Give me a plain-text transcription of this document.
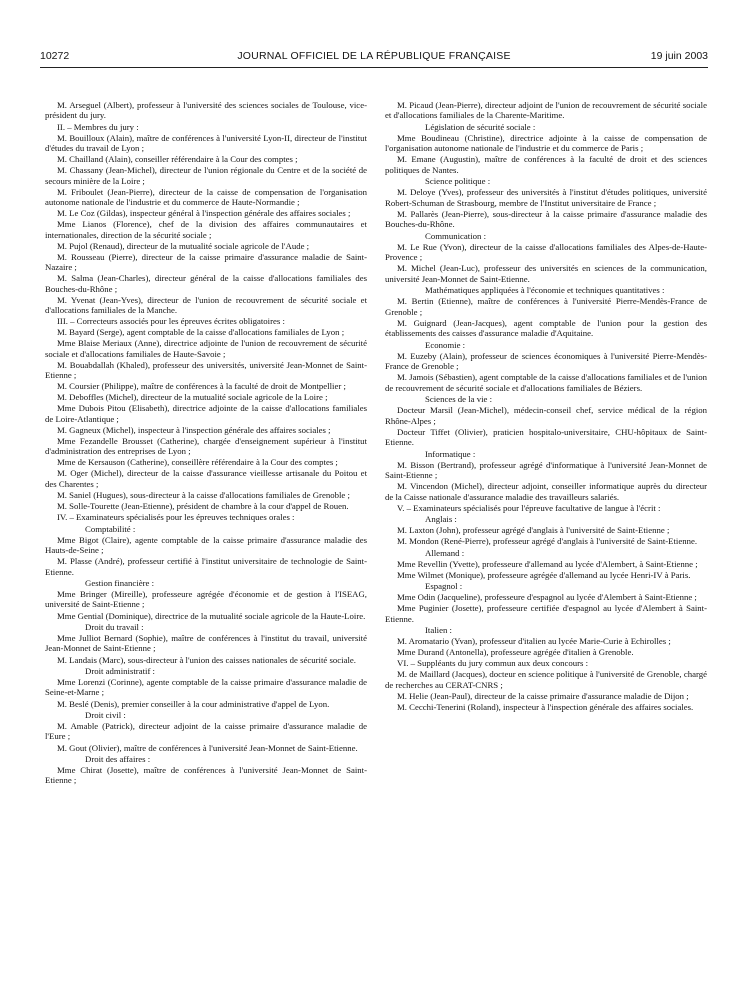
10272	JOURNAL OFFICIEL DE LA RÉPUBLIQUE FRANÇAISE	19 juin 2003

M. Arseguel (Albert), professeur à l'université des sciences sociales de Toulouse, vice-président du jury.

II. – Membres du jury :

M. Bouilloux (Alain), maître de conférences à l'université Lyon-II, directeur de l'institut d'études du travail de Lyon ;

M. Chailland (Alain), conseiller référendaire à la Cour des comptes ;

M. Chassany (Jean-Michel), directeur de l'union régionale du Centre et de la société de secours minière de la Loire ;

M. Friboulet (Jean-Pierre), directeur de la caisse de compensation de l'organisation autonome nationale de l'industrie et du commerce de Haute-Normandie ;

M. Le Coz (Gildas), inspecteur général à l'inspection générale des affaires sociales ;

Mme Lianos (Florence), chef de la division des affaires communautaires et internationales, direction de la sécurité sociale ;

M. Pujol (Renaud), directeur de la mutualité sociale agricole de l'Aude ;

M. Rousseau (Pierre), directeur de la caisse primaire d'assurance maladie de Saint-Nazaire ;

M. Salma (Jean-Charles), directeur général de la caisse d'allocations familiales des Bouches-du-Rhône ;

M. Yvenat (Jean-Yves), directeur de l'union de recouvrement de sécurité sociale et d'allocations familiales de la Manche.

III. – Correcteurs associés pour les épreuves écrites obligatoires :

M. Bayard (Serge), agent comptable de la caisse d'allocations familiales de Lyon ;

Mme Blaise Meriaux (Anne), directrice adjointe de l'union de recouvrement de sécurité sociale et d'allocations familiales de Haute-Savoie ;

M. Bouabdallah (Khaled), professeur des universités, université Jean-Monnet de Saint-Etienne ;

M. Coursier (Philippe), maître de conférences à la faculté de droit de Montpellier ;

M. Deboffles (Michel), directeur de la mutualité sociale agricole de la Loire ;

Mme Dubois Pitou (Elisabeth), directrice adjointe de la caisse d'allocations familiales de Loire-Atlantique ;

M. Gagneux (Michel), inspecteur à l'inspection générale des affaires sociales ;

Mme Fezandelle Brousset (Catherine), chargée d'enseignement supérieur à l'institut d'administration des entreprises de Lyon ;

Mme de Kersauson (Catherine), conseillère référendaire à la Cour des comptes ;

M. Oger (Michel), directeur de la caisse d'assurance vieillesse artisanale du Poitou et des Charentes ;

M. Saniel (Hugues), sous-directeur à la caisse d'allocations familiales de Grenoble ;

M. Solle-Tourette (Jean-Etienne), président de chambre à la cour d'appel de Rouen.

IV. – Examinateurs spécialisés pour les épreuves techniques orales :

Comptabilité :

Mme Bigot (Claire), agente comptable de la caisse primaire d'assurance maladie des Hauts-de-Seine ;

M. Plasse (André), professeur certifié à l'institut universitaire de technologie de Saint-Etienne.

Gestion financière :

Mme Bringer (Mireille), professeure agrégée d'économie et de gestion à l'ISEAG, université de Saint-Etienne ;

Mme Gential (Dominique), directrice de la mutualité sociale agricole de la Haute-Loire.

Droit du travail :

Mme Julliot Bernard (Sophie), maître de conférences à l'institut du travail, université Jean-Monnet de Saint-Etienne ;

M. Landais (Marc), sous-directeur à l'union des caisses nationales de sécurité sociale.

Droit administratif :

Mme Lorenzi (Corinne), agente comptable de la caisse primaire d'assurance maladie de Seine-et-Marne ;

M. Beslé (Denis), premier conseiller à la cour administrative d'appel de Lyon.

Droit civil :

M. Amable (Patrick), directeur adjoint de la caisse primaire d'assurance maladie de l'Eure ;

M. Gout (Olivier), maître de conférences à l'université Jean-Monnet de Saint-Etienne.

Droit des affaires :

Mme Chirat (Josette), maître de conférences à l'université Jean-Monnet de Saint-Etienne ;

M. Picaud (Jean-Pierre), directeur adjoint de l'union de recouvrement de sécurité sociale et d'allocations familiales de la Charente-Maritime.

Législation de sécurité sociale :

Mme Boudineau (Christine), directrice adjointe à la caisse de compensation de l'organisation autonome nationale de l'industrie et du commerce de Paris ;

M. Emane (Augustin), maître de conférences à la faculté de droit et des sciences politiques de Nantes.

Science politique :

M. Deloye (Yves), professeur des universités à l'institut d'études politiques, université Robert-Schuman de Strasbourg, membre de l'Institut universitaire de France ;

M. Pallarès (Jean-Pierre), sous-directeur à la caisse primaire d'assurance maladie des Bouches-du-Rhône.

Communication :

M. Le Rue (Yvon), directeur de la caisse d'allocations familiales des Alpes-de-Haute-Provence ;

M. Michel (Jean-Luc), professeur des universités en sciences de la communication, université Jean-Monnet de Saint-Etienne.

Mathématiques appliquées à l'économie et techniques quantitatives :

M. Bertin (Etienne), maître de conférences à l'université Pierre-Mendès-France de Grenoble ;

M. Guignard (Jean-Jacques), agent comptable de l'union pour la gestion des établissements des caisses d'assurance maladie d'Aquitaine.

Economie :

M. Euzeby (Alain), professeur de sciences économiques à l'université Pierre-Mendès-France de Grenoble ;

M. Jamois (Sébastien), agent comptable de la caisse d'allocations familiales et de l'union de recouvrement de sécurité sociale et d'allocations familiales de Béziers.

Sciences de la vie :

Docteur Marsil (Jean-Michel), médecin-conseil chef, service médical de la région Rhône-Alpes ;

Docteur Tiffet (Olivier), praticien hospitalo-universitaire, CHU-hôpitaux de Saint-Etienne.

Informatique :

M. Bisson (Bertrand), professeur agrégé d'informatique à l'université Jean-Monnet de Saint-Etienne ;

M. Vincendon (Michel), directeur adjoint, conseiller informatique auprès du directeur de la Caisse nationale d'assurance maladie des travailleurs salariés.

V. – Examinateurs spécialisés pour l'épreuve facultative de langue à l'écrit :

Anglais :

M. Laxton (John), professeur agrégé d'anglais à l'université de Saint-Etienne ;

M. Mondon (René-Pierre), professeur agrégé d'anglais à l'université de Saint-Etienne.

Allemand :

Mme Revellin (Yvette), professeure d'allemand au lycée d'Alembert, à Saint-Etienne ;

Mme Wilmet (Monique), professeure agrégée d'allemand au lycée Henri-IV à Paris.

Espagnol :

Mme Odin (Jacqueline), professeure d'espagnol au lycée d'Alembert à Saint-Etienne ;

Mme Puginier (Josette), professeure certifiée d'espagnol au lycée d'Alembert à Saint-Etienne.

Italien :

M. Aromatario (Yvan), professeur d'italien au lycée Marie-Curie à Echirolles ;

Mme Durand (Antonella), professeure agrégée d'italien à Grenoble.

VI. – Suppléants du jury commun aux deux concours :

M. de Maillard (Jacques), docteur en science politique à l'université de Grenoble, chargé de recherches au CERAT-CNRS ;

M. Helie (Jean-Paul), directeur de la caisse primaire d'assurance maladie de Dijon ;

M. Cecchi-Tenerini (Roland), inspecteur à l'inspection générale des affaires sociales.
